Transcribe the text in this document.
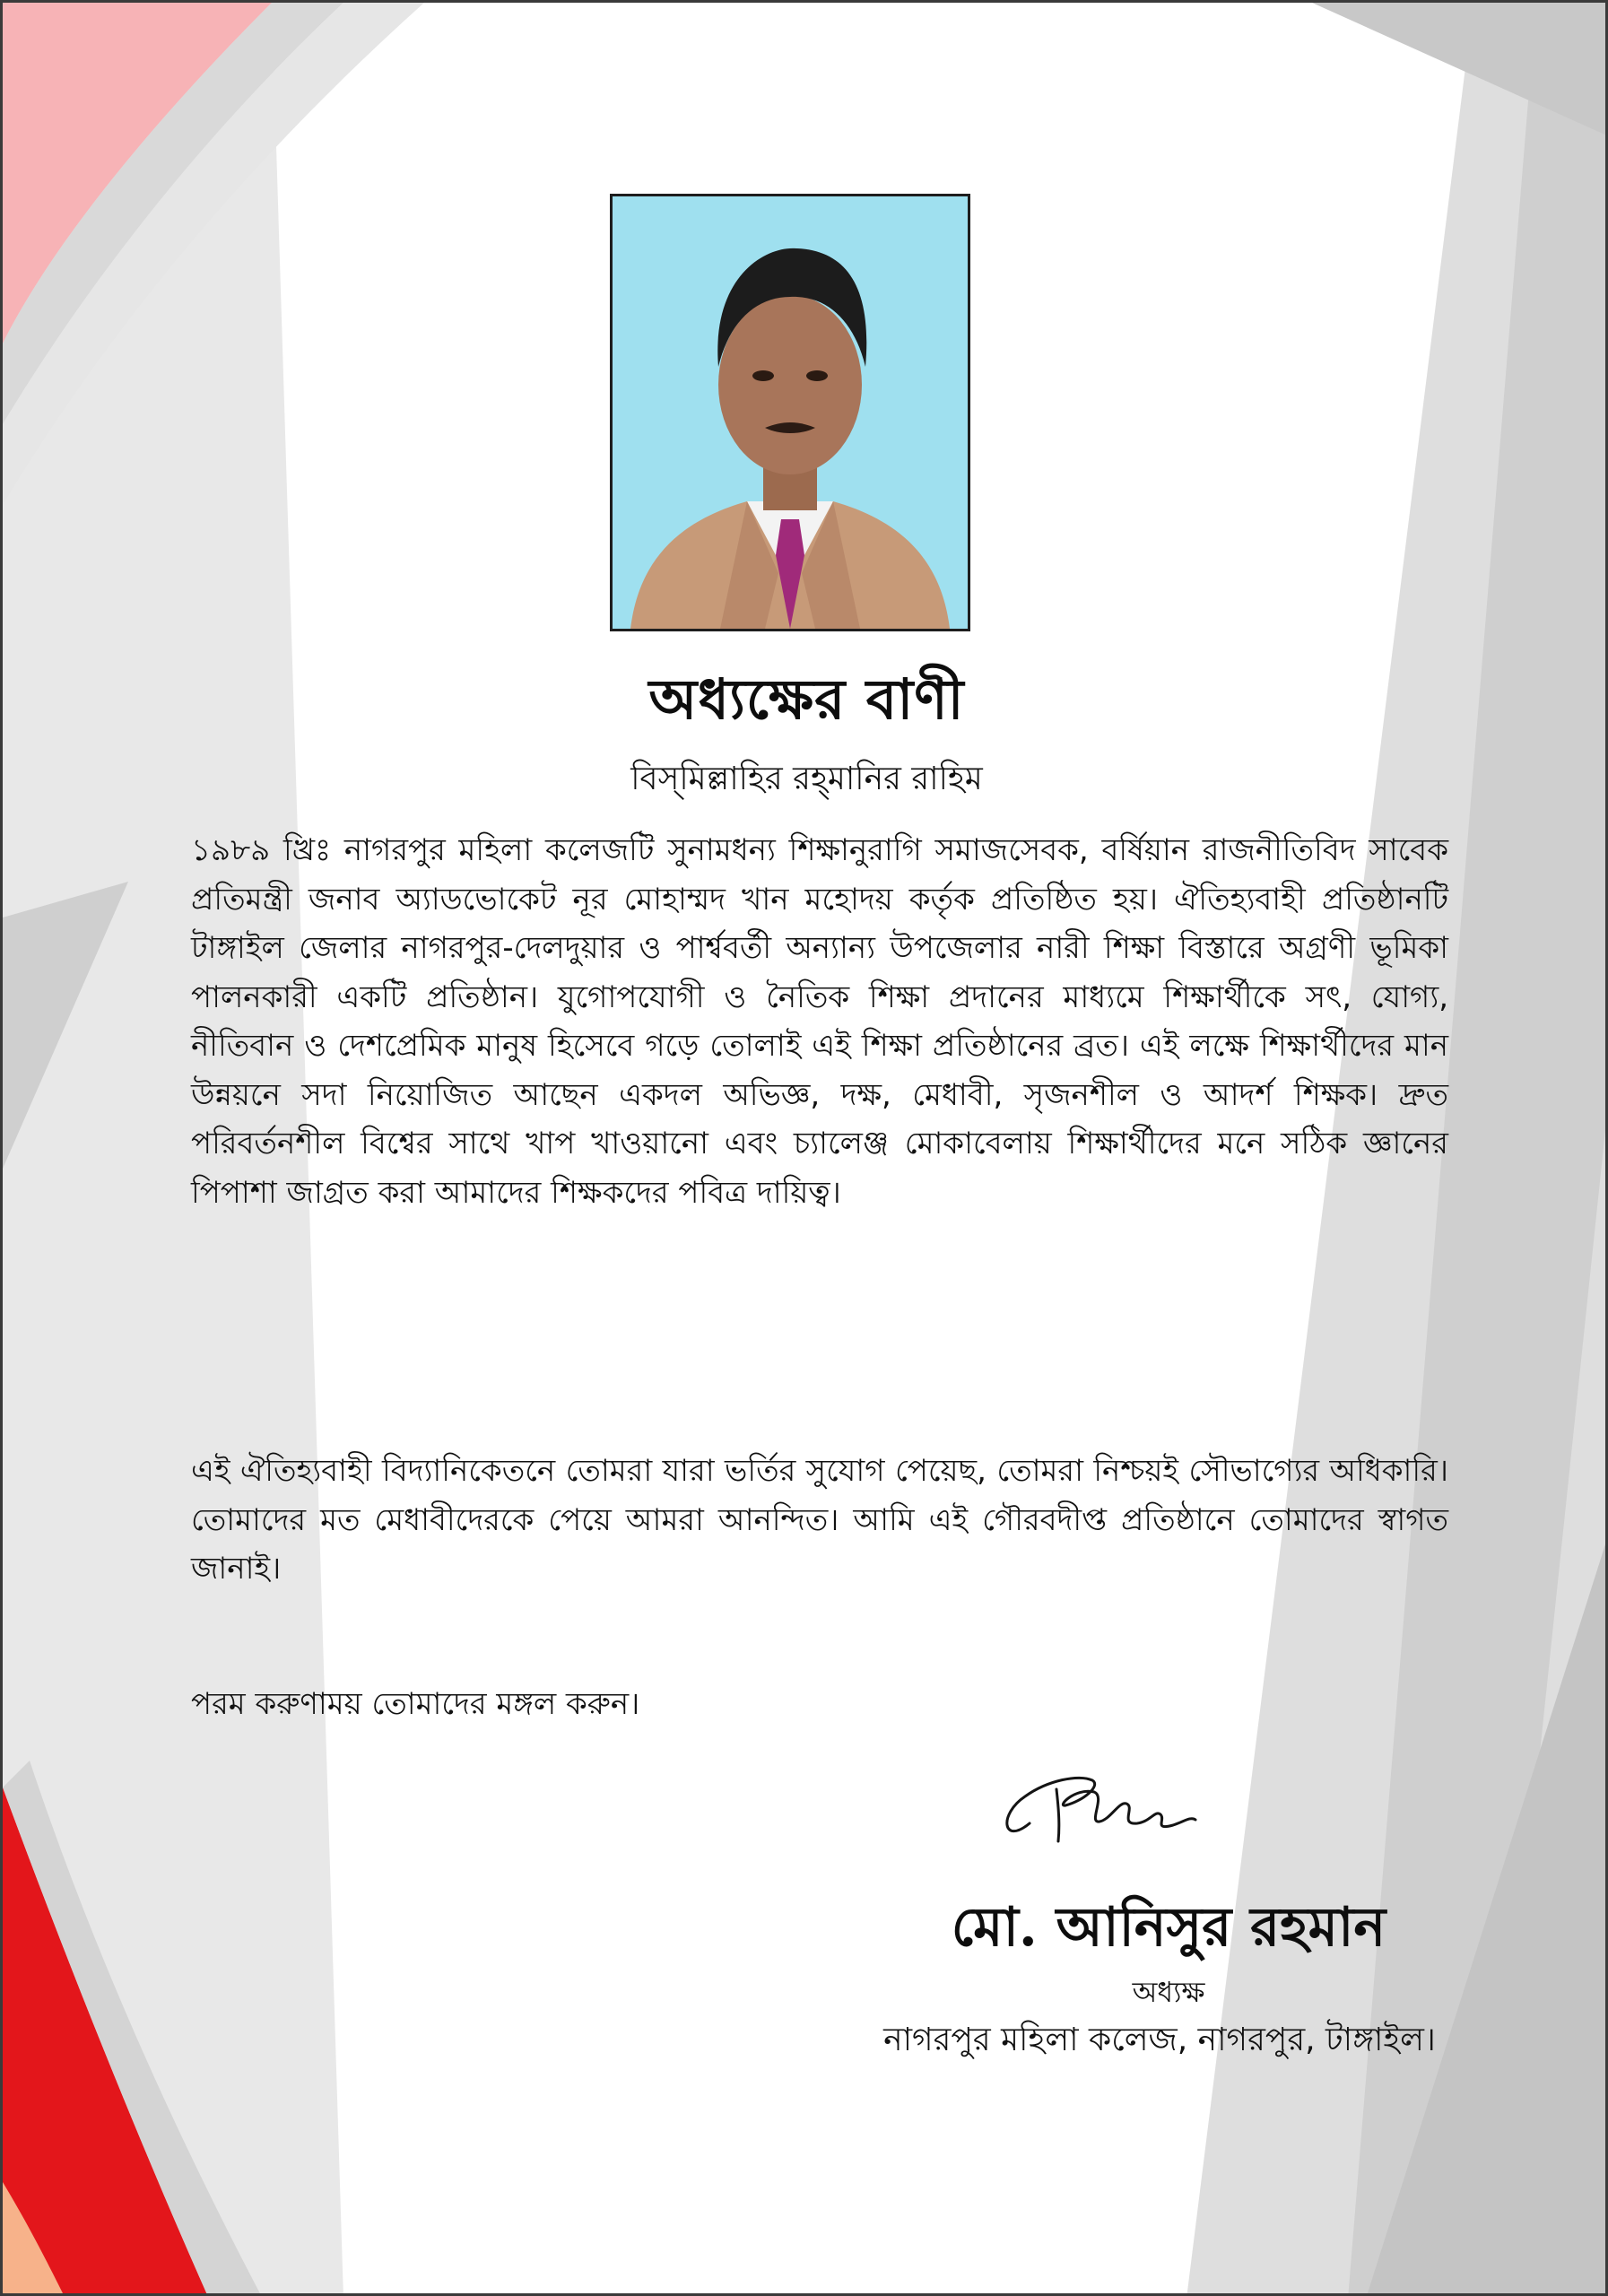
অধ্যক্ষের বাণী
বিস্‌মিল্লাহির রহ্‌মানির রাহিম
১৯৮৯ খ্রিঃ নাগরপুর মহিলা কলেজটি সুনামধন্য শিক্ষানুরাগি সমাজসেবক, বর্ষিয়ান রাজনীতিবিদ সাবেক প্রতিমন্ত্রী জনাব অ্যাডভোকেট নূর মোহাম্মদ খান মহোদয় কর্তৃক প্রতিষ্ঠিত হয়। ঐতিহ্যবাহী প্রতিষ্ঠানটি টাঙ্গাইল জেলার নাগরপুর-দেলদুয়ার ও পার্শ্ববর্তী অন্যান্য উপজেলার নারী শিক্ষা বিস্তারে অগ্রণী ভূমিকা পালনকারী একটি প্রতিষ্ঠান। যুগোপযোগী ও নৈতিক শিক্ষা প্রদানের মাধ্যমে শিক্ষার্থীকে সৎ, যোগ্য, নীতিবান ও দেশপ্রেমিক মানুষ হিসেবে গড়ে তোলাই এই শিক্ষা প্রতিষ্ঠানের ব্রত। এই লক্ষে শিক্ষার্থীদের মান উন্নয়নে সদা নিয়োজিত আছেন একদল অভিজ্ঞ, দক্ষ, মেধাবী, সৃজনশীল ও আদর্শ শিক্ষক। দ্রুত পরিবর্তনশীল বিশ্বের সাথে খাপ খাওয়ানো এবং চ্যালেঞ্জ মোকাবেলায় শিক্ষার্থীদের মনে সঠিক জ্ঞানের পিপাশা জাগ্রত করা আমাদের শিক্ষকদের পবিত্র দায়িত্ব।
এই ঐতিহ্যবাহী বিদ্যানিকেতনে তোমরা যারা ভর্তির সুযোগ পেয়েছ, তোমরা নিশ্চয়ই সৌভাগ্যের অধিকারি। তোমাদের মত মেধাবীদেরকে পেয়ে আমরা আনন্দিত। আমি এই গৌরবদীপ্ত প্রতিষ্ঠানে তোমাদের স্বাগত জানাই।
পরম করুণাময় তোমাদের মঙ্গল করুন।
মো. আনিসুর রহমান
অধ্যক্ষ
নাগরপুর মহিলা কলেজ, নাগরপুর, টাঙ্গাইল।
